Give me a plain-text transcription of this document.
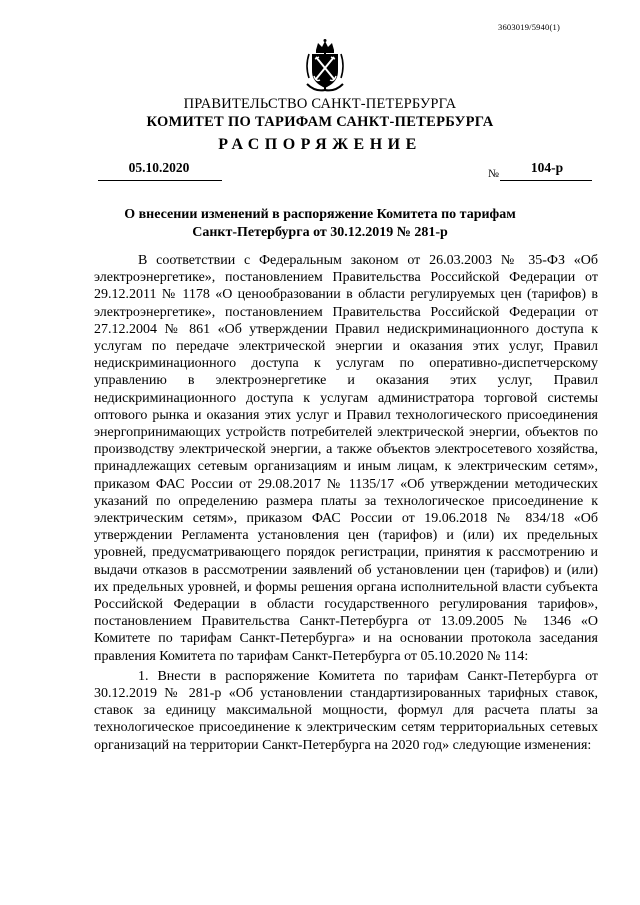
3603019/5940(1)
ПРАВИТЕЛЬСТВО САНКТ-ПЕТЕРБУРГА
КОМИТЕТ ПО ТАРИФАМ САНКТ-ПЕТЕРБУРГА
РАСПОРЯЖЕНИЕ
05.10.2020	№	104-р
О внесении изменений в распоряжение Комитета по тарифам
Санкт-Петербурга от 30.12.2019 № 281-р

В соответствии с Федеральным законом от 26.03.2003 № 35-ФЗ «Об электроэнергетике», постановлением Правительства Российской Федерации от 29.12.2011 № 1178 «О ценообразовании в области регулируемых цен (тарифов) в электроэнергетике», постановлением Правительства Российской Федерации от 27.12.2004 № 861 «Об утверждении Правил недискриминационного доступа к услугам по передаче электрической энергии и оказания этих услуг, Правил недискриминационного доступа к услугам по оперативно-диспетчерскому управлению в электроэнергетике и оказания этих услуг, Правил недискриминационного доступа к услугам администратора торговой системы оптового рынка и оказания этих услуг и Правил технологического присоединения энергопринимающих устройств потребителей электрической энергии, объектов по производству электрической энергии, а также объектов электросетевого хозяйства, принадлежащих сетевым организациям и иным лицам, к электрическим сетям», приказом ФАС России от 29.08.2017 № 1135/17 «Об утверждении методических указаний по определению размера платы за технологическое присоединение к электрическим сетям», приказом ФАС России от 19.06.2018 № 834/18 «Об утверждении Регламента установления цен (тарифов) и (или) их предельных уровней, предусматривающего порядок регистрации, принятия к рассмотрению и выдачи отказов в рассмотрении заявлений об установлении цен (тарифов) и (или) их предельных уровней, и формы решения органа исполнительной власти субъекта Российской Федерации в области государственного регулирования тарифов», постановлением Правительства Санкт-Петербурга от 13.09.2005 № 1346 «О Комитете по тарифам Санкт-Петербурга» и на основании протокола заседания правления Комитета по тарифам Санкт-Петербурга от 05.10.2020 № 114:

1. Внести в распоряжение Комитета по тарифам Санкт-Петербурга от 30.12.2019 № 281-р «Об установлении стандартизированных тарифных ставок, ставок за единицу максимальной мощности, формул для расчета платы за технологическое присоединение к электрическим сетям территориальных сетевых организаций на территории Санкт-Петербурга на 2020 год» следующие изменения:
